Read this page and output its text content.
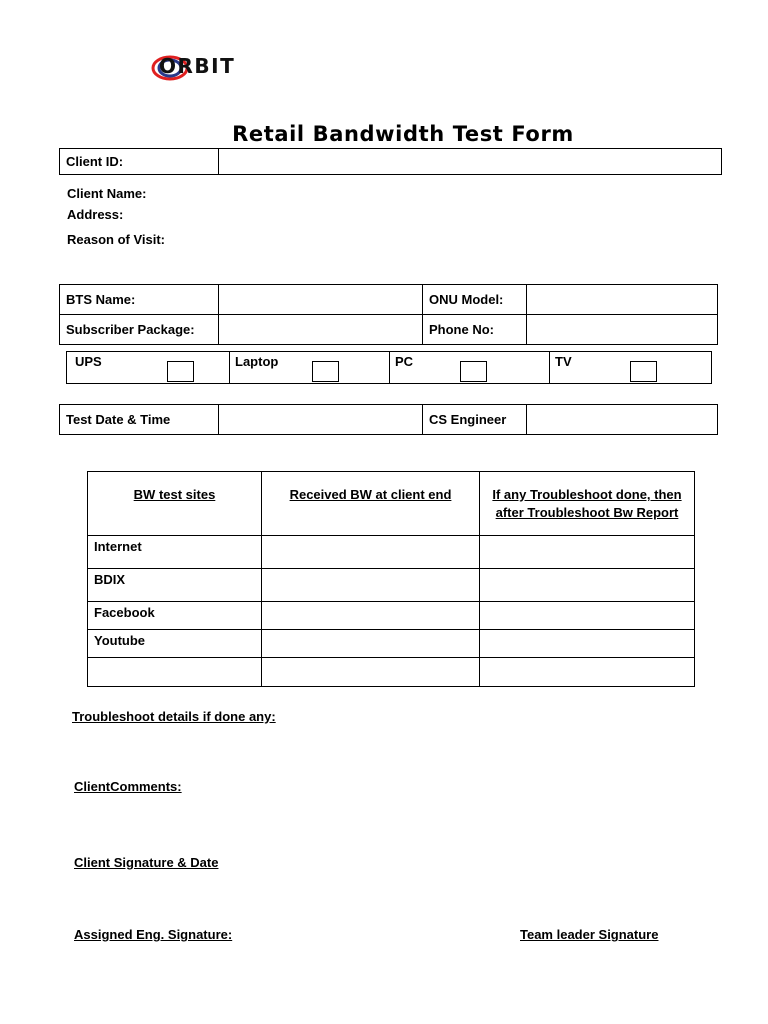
ORBIT
Retail Bandwidth Test Form
Client ID:	
Client Name:
Address:
Reason of Visit:
BTS Name:		ONU Model:	
Subscriber Package:		Phone No:	
UPS	Laptop	PC	TV
Test Date & Time		CS Engineer	
BW test sites	Received BW at client end	If any Troubleshoot done, then after Troubleshoot Bw Report
Internet		
BDIX		
Facebook		
Youtube		

Troubleshoot details if done any:
ClientComments:
Client Signature & Date
Assigned Eng. Signature:	Team leader Signature
